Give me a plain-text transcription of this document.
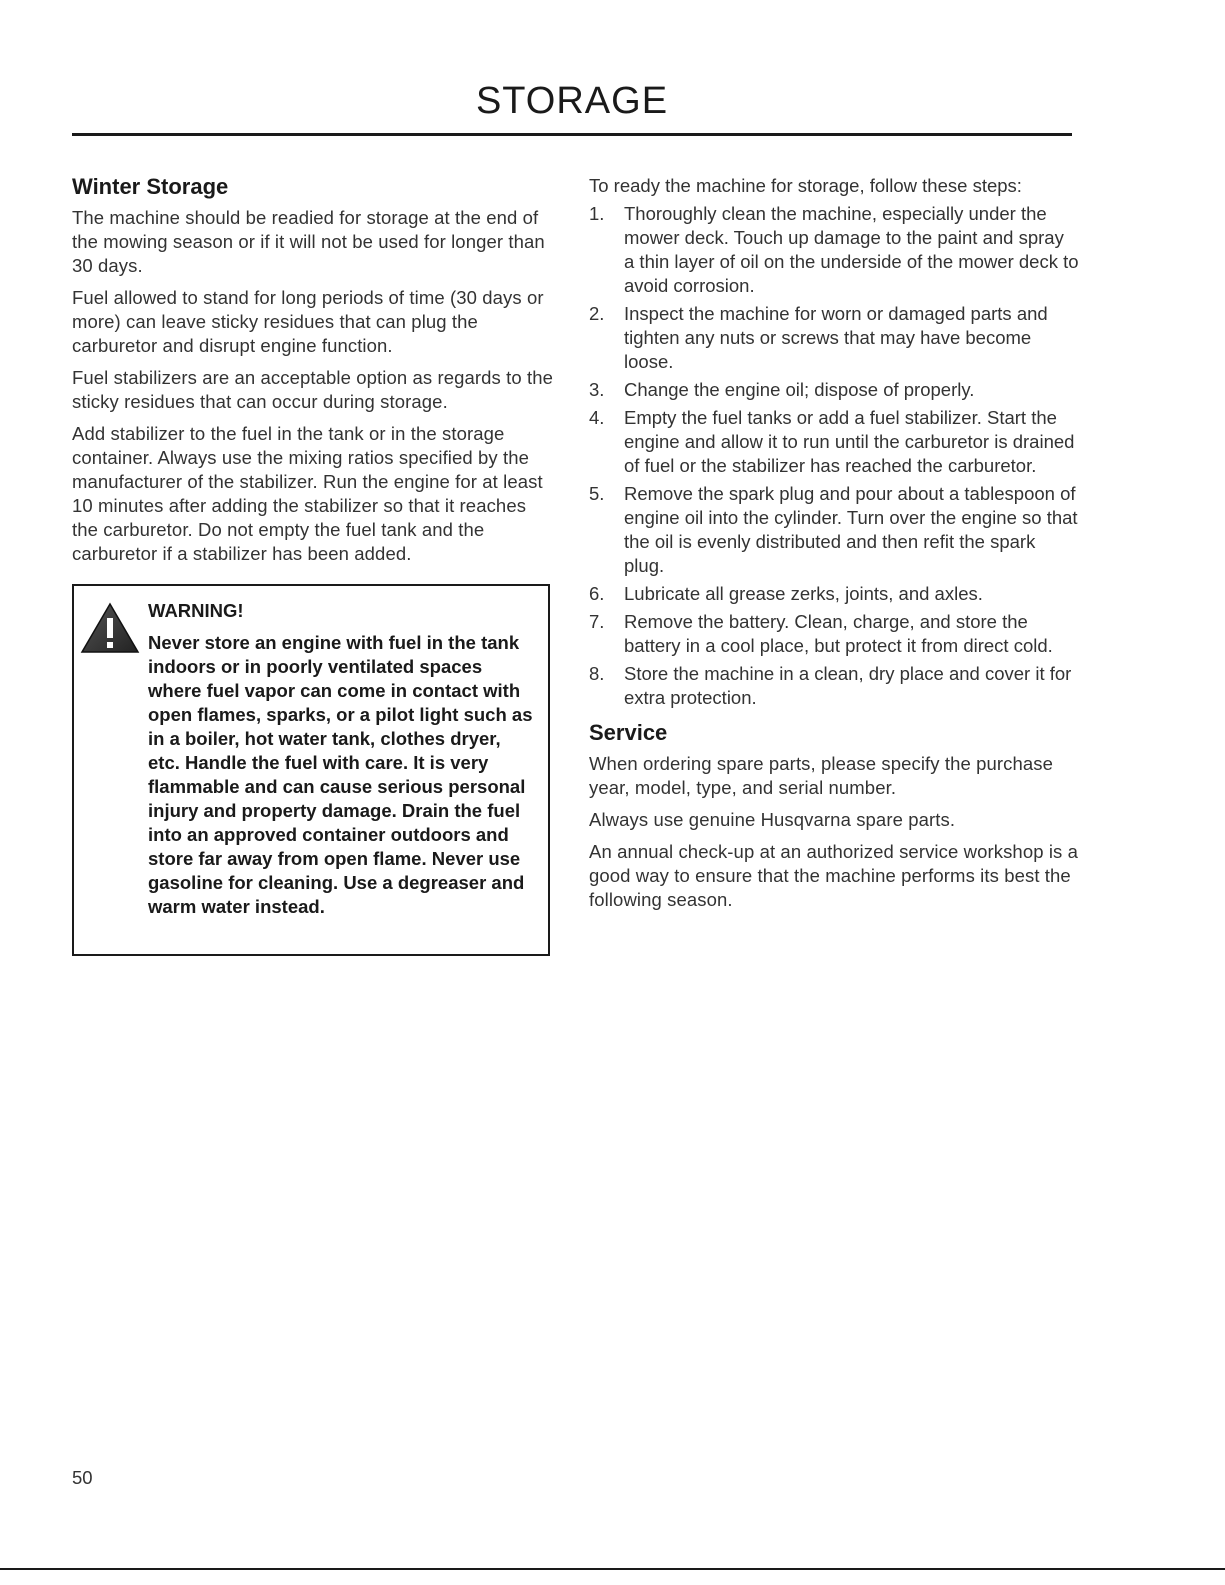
STORAGE
Winter Storage

The machine should be readied for storage at the end of the mowing season or if it will not be used for longer than 30 days.

Fuel allowed to stand for long periods of time (30 days or more) can leave sticky residues that can plug the carburetor and disrupt engine function.

Fuel stabilizers are an acceptable option as regards to the sticky residues that can occur during storage.

Add stabilizer to the fuel in the tank or in the storage container. Always use the mixing ratios specified by the manufacturer of the stabilizer. Run the engine for at least 10 minutes after adding the stabilizer so that it reaches the carburetor. Do not empty the fuel tank and the carburetor if a stabilizer has been added.

WARNING!
Never store an engine with fuel in the tank indoors or in poorly ventilated spaces where fuel vapor can come in contact with open flames, sparks, or a pilot light such as in a boiler, hot water tank, clothes dryer, etc. Handle the fuel with care. It is very flammable and can cause serious personal injury and property damage. Drain the fuel into an approved container outdoors and store far away from open flame. Never use gasoline for cleaning. Use a degreaser and warm water instead.

To ready the machine for storage, follow these steps:

1.	Thoroughly clean the machine, especially under the mower deck. Touch up damage to the paint and spray a thin layer of oil on the underside of the mower deck to avoid corrosion.
2.	Inspect the machine for worn or damaged parts and tighten any nuts or screws that may have become loose.
3.	Change the engine oil; dispose of properly.
4.	Empty the fuel tanks or add a fuel stabilizer. Start the engine and allow it to run until the carburetor is drained of fuel or the stabilizer has reached the carburetor.
5.	Remove the spark plug and pour about a tablespoon of engine oil into the cylinder. Turn over the engine so that the oil is evenly distributed and then refit the spark plug.
6.	Lubricate all grease zerks, joints, and axles.
7.	Remove the battery. Clean, charge, and store the battery in a cool place, but protect it from direct cold.
8.	Store the machine in a clean, dry place and cover it for extra protection.
Service

When ordering spare parts, please specify the purchase year, model, type, and serial number.

Always use genuine Husqvarna spare parts.

An annual check-up at an authorized service workshop is a good way to ensure that the machine performs its best the following season.

50
